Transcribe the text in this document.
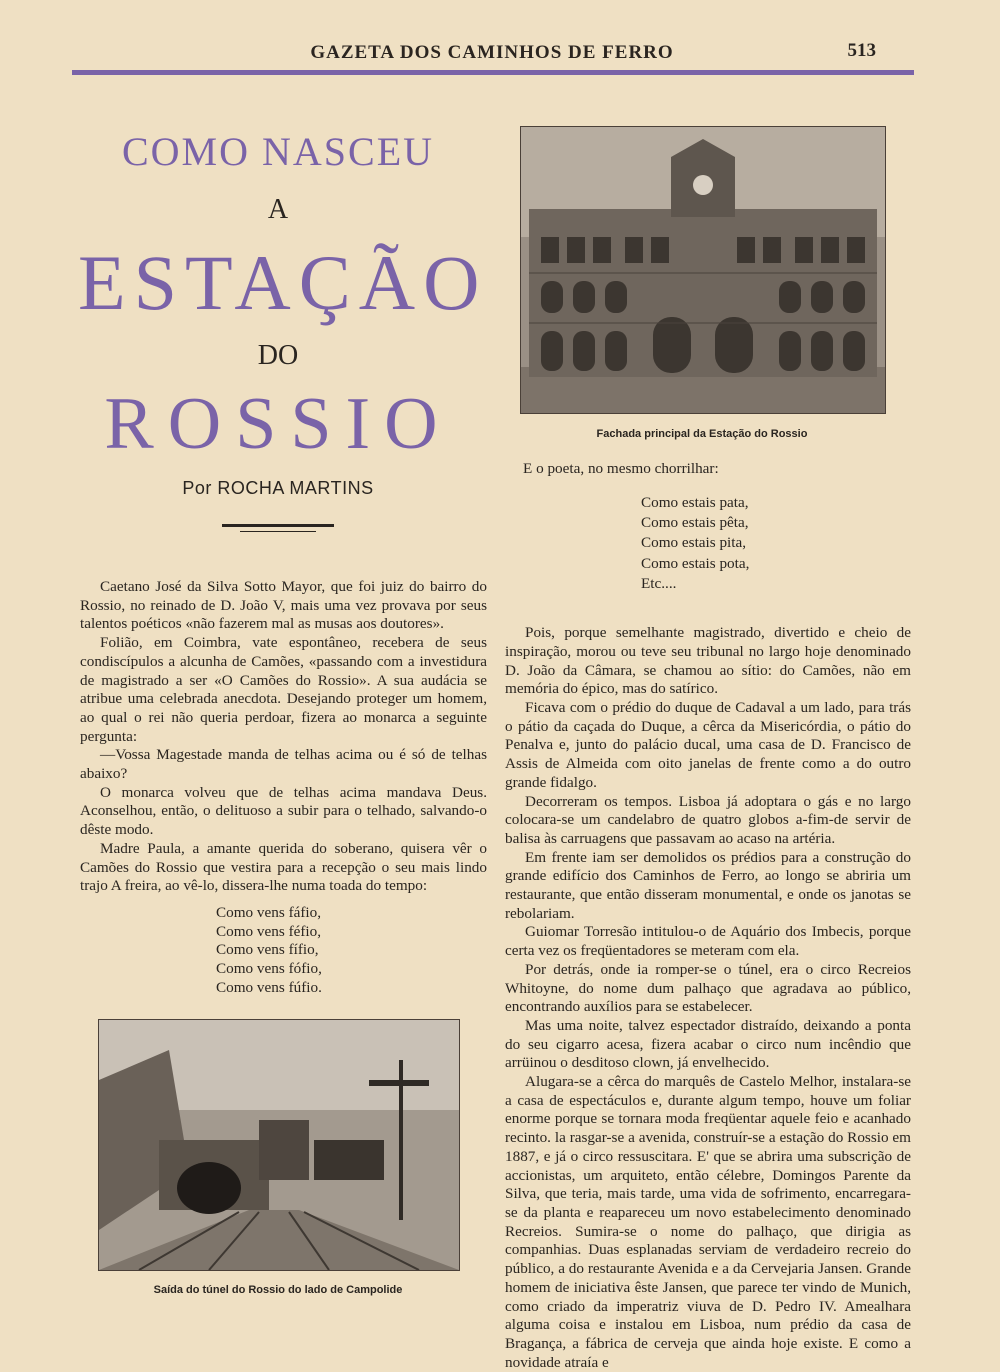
GAZETA DOS CAMINHOS DE FERRO	513
COMO NASCEU
A
ESTAÇÃO
DO
ROSSIO
Por ROCHA MARTINS
Fachada principal da Estação do Rossio

Caetano José da Silva Sotto Mayor, que foi juiz do bairro do Rossio, no reinado de D. João V, mais uma vez provava por seus talentos poéticos «não fazerem mal as musas aos doutores».

Folião, em Coimbra, vate espontâneo, recebera de seus condiscípulos a alcunha de Camões, «passando com a investidura de magistrado a ser «O Camões do Rossio». A sua audácia se atribue uma celebrada anecdota. Desejando proteger um homem, ao qual o rei não queria perdoar, fizera ao monarca a seguinte pergunta:

—Vossa Magestade manda de telhas acima ou é só de telhas abaixo?

O monarca volveu que de telhas acima mandava Deus. Aconselhou, então, o delituoso a subir para o telhado, salvando-o dêste modo.

Madre Paula, a amante querida do soberano, quisera vêr o Camões do Rossio que vestira para a recepção o seu mais lindo trajo A freira, ao vê-lo, dissera-lhe numa toada do tempo:

Como vens fáfio,
Como vens féfio,
Como vens fífio,
Como vens fófio,
Como vens fúfio.
Saída do túnel do Rossio do lado de Campolide
E o poeta, no mesmo chorrilhar:
Como estais pata,
Como estais pêta,
Como estais pita,
Como estais pota,
Etc....

Pois, porque semelhante magistrado, divertido e cheio de inspiração, morou ou teve seu tribunal no largo hoje denominado D. João da Câmara, se chamou ao sítio: do Camões, não em memória do épico, mas do satírico.

Ficava com o prédio do duque de Cadaval a um lado, para trás o pátio da caçada do Duque, a cêrca da Misericórdia, o pátio do Penalva e, junto do palácio ducal, uma casa de D. Francisco de Assis de Almeida com oito janelas de frente como a do outro grande fidalgo.

Decorreram os tempos. Lisboa já adoptara o gás e no largo colocara-se um candelabro de quatro globos a-fim-de servir de balisa às carruagens que passavam ao acaso na artéria.

Em frente iam ser demolidos os prédios para a construção do grande edifício dos Caminhos de Ferro, ao longo se abriria um restaurante, que então disseram monumental, e onde os janotas se rebolariam.

Guiomar Torresão intitulou-o de Aquário dos Imbecis, porque certa vez os freqüentadores se meteram com ela.

Por detrás, onde ia romper-se o túnel, era o circo Recreios Whitoyne, do nome dum palhaço que agradava ao público, encontrando auxílios para se estabelecer.

Mas uma noite, talvez espectador distraído, deixando a ponta do seu cigarro acesa, fizera acabar o circo num incêndio que arrüinou o desditoso clown, já envelhecido.

Alugara-se a cêrca do marquês de Castelo Melhor, instalara-se a casa de espectáculos e, durante algum tempo, houve um foliar enorme porque se tornara moda freqüentar aquele feio e acanhado recinto. la rasgar-se a avenida, construír-se a estação do Rossio em 1887, e já o circo ressuscitara. E' que se abrira uma subscrição de accionistas, um arquiteto, então célebre, Domingos Parente da Silva, que teria, mais tarde, uma vida de sofrimento, encarregara-se da planta e reapareceu um novo estabelecimento denominado Recreios. Sumira-se o nome do palhaço, que dirigia as companhias. Duas esplanadas serviam de verdadeiro recreio do público, a do restaurante Avenida e a da Cervejaria Jansen. Grande homem de iniciativa êste Jansen, que parece ter vindo de Munich, como criado da imperatriz viuva de D. Pedro IV. Amealhara alguma coisa e instalou em Lisboa, num prédio da casa de Bragança, a fábrica de cerveja que ainda hoje existe. E como a novidade atraía e
